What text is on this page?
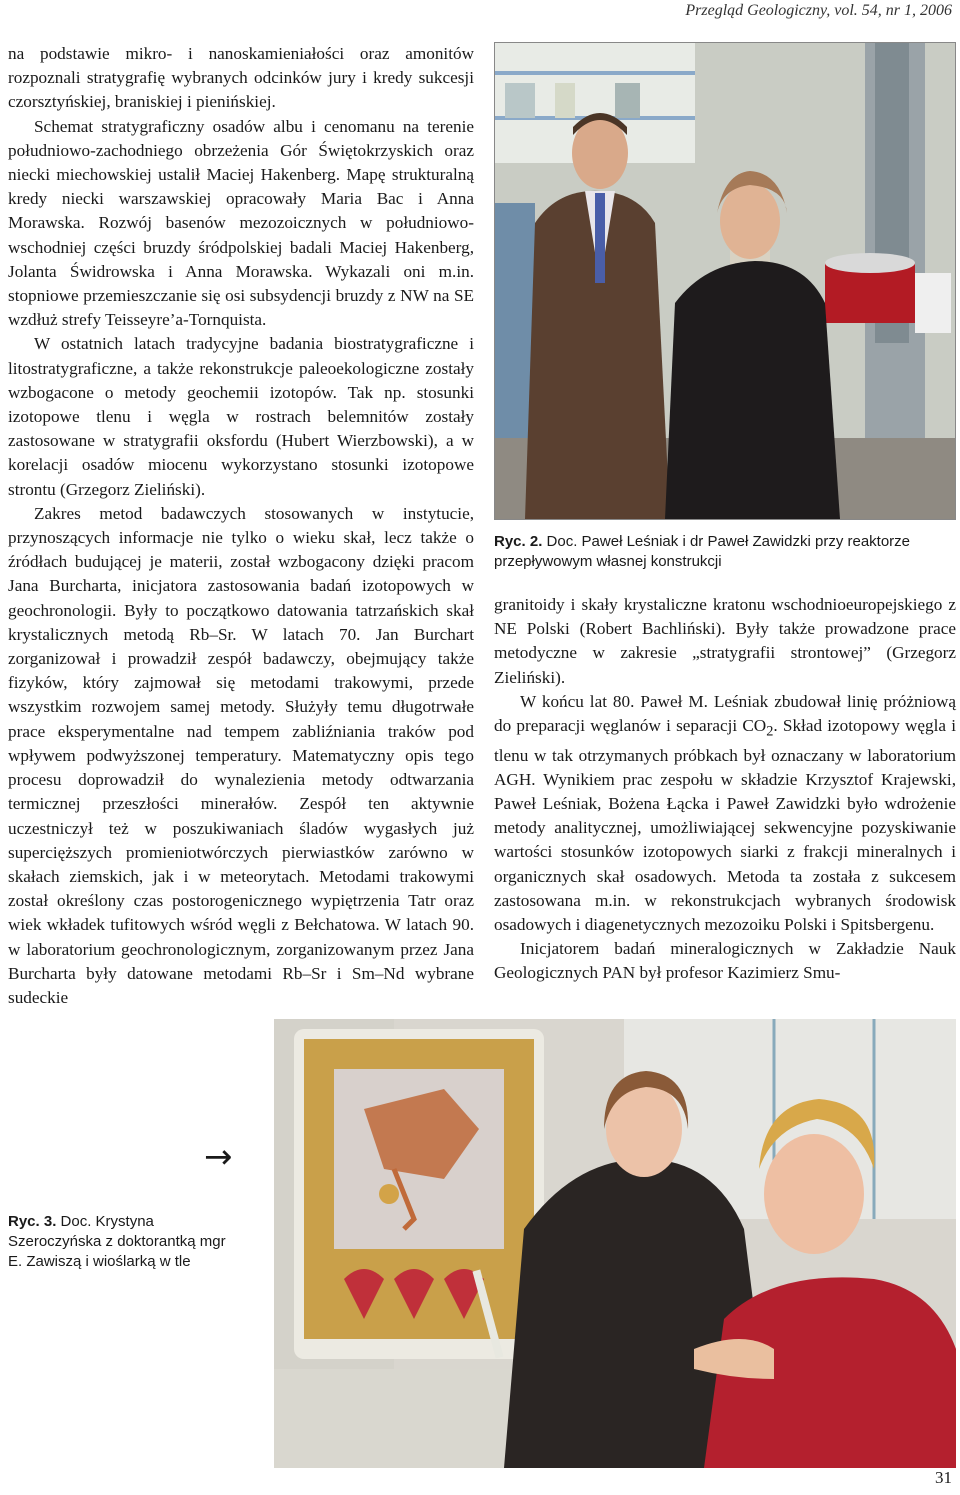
Przegląd Geologiczny, vol. 54, nr 1, 2006

na podstawie mikro- i nanoskamieniałości oraz amonitów rozpoznali stratygrafię wybranych odcinków jury i kredy sukcesji czorsztyńskiej, braniskiej i pienińskiej.

Schemat stratygraficzny osadów albu i cenomanu na terenie południowo-zachodniego obrzeżenia Gór Świętokrzyskich oraz niecki miechowskiej ustalił Maciej Hakenberg. Mapę strukturalną kredy niecki warszawskiej opracowały Maria Bac i Anna Morawska. Rozwój basenów mezozoicznych w południowo-wschodniej części bruzdy śródpolskiej badali Maciej Hakenberg, Jolanta Świdrowska i Anna Morawska. Wykazali oni m.in. stopniowe przemieszczanie się osi subsydencji bruzdy z NW na SE wzdłuż strefy Teisseyre’a-Tornquista.

W ostatnich latach tradycyjne badania biostratygraficzne i litostratygraficzne, a także rekonstrukcje paleoekologiczne zostały wzbogacone o metody geochemii izotopów. Tak np. stosunki izotopowe tlenu i węgla w rostrach belemnitów zostały zastosowane w stratygrafii oksfordu (Hubert Wierzbowski), a w korelacji osadów miocenu wykorzystano stosunki izotopowe strontu (Grzegorz Zieliński).

Zakres metod badawczych stosowanych w instytucie, przynoszących informacje nie tylko o wieku skał, lecz także o źródłach budującej je materii, został wzbogacony dzięki pracom Jana Burcharta, inicjatora zastosowania badań izotopowych w geochronologii. Były to początkowo datowania tatrzańskich skał krystalicznych metodą Rb–Sr. W latach 70. Jan Burchart zorganizował i prowadził zespół badawczy, obejmujący także fizyków, który zajmował się metodami trakowymi, przede wszystkim rozwojem samej metody. Służyły temu długotrwałe prace eksperymentalne nad tempem zabliźniania traków pod wpływem podwyższonej temperatury. Matematyczny opis tego procesu doprowadził do wynalezienia metody odtwarzania termicznej przeszłości minerałów. Zespół ten aktywnie uczestniczył też w poszukiwaniach śladów wygasłych już supercięższych promieniotwórczych pierwiastków zarówno w skałach ziemskich, jak i w meteorytach. Metodami trakowymi został określony czas postorogenicznego wypiętrzenia Tatr oraz wiek wkładek tufitowych wśród węgli z Bełchatowa. W latach 90. w laboratorium geochronologicznym, zorganizowanym przez Jana Burcharta były datowane metodami Rb–Sr i Sm–Nd wybrane sudeckie

Ryc. 2. Doc. Paweł Leśniak i dr Paweł Zawidzki przy reaktorze przepływowym własnej konstrukcji

granitoidy i skały krystaliczne kratonu wschodnioeuropejskiego z NE Polski (Robert Bachliński). Były także prowadzone prace metodyczne w zakresie „stratygrafii strontowej” (Grzegorz Zieliński).

W końcu lat 80. Paweł M. Leśniak zbudował linię próżniową do preparacji węglanów i separacji $CO_2$. Skład izotopowy węgla i tlenu w tak otrzymanych próbkach był oznaczany w laboratorium AGH. Wynikiem prac zespołu w składzie Krzysztof Krajewski, Paweł Leśniak, Bożena Łącka i Paweł Zawidzki było wdrożenie metody analitycznej, umożliwiającej sekwencyjne pozyskiwanie wartości stosunków izotopowych siarki z frakcji mineralnych i organicznych skał osadowych. Metoda ta została z sukcesem zastosowana m.in. w rekonstrukcjach wybranych środowisk osadowych i diagenetycznych mezozoiku Polski i Spitsbergenu.

Inicjatorem badań mineralogicznych w Zakładzie Nauk Geologicznych PAN był profesor Kazimierz Smu-

→
Ryc. 3. Doc. Krystyna Szeroczyńska z doktorantką mgr E. Zawiszą i wioślarką w tle
31
